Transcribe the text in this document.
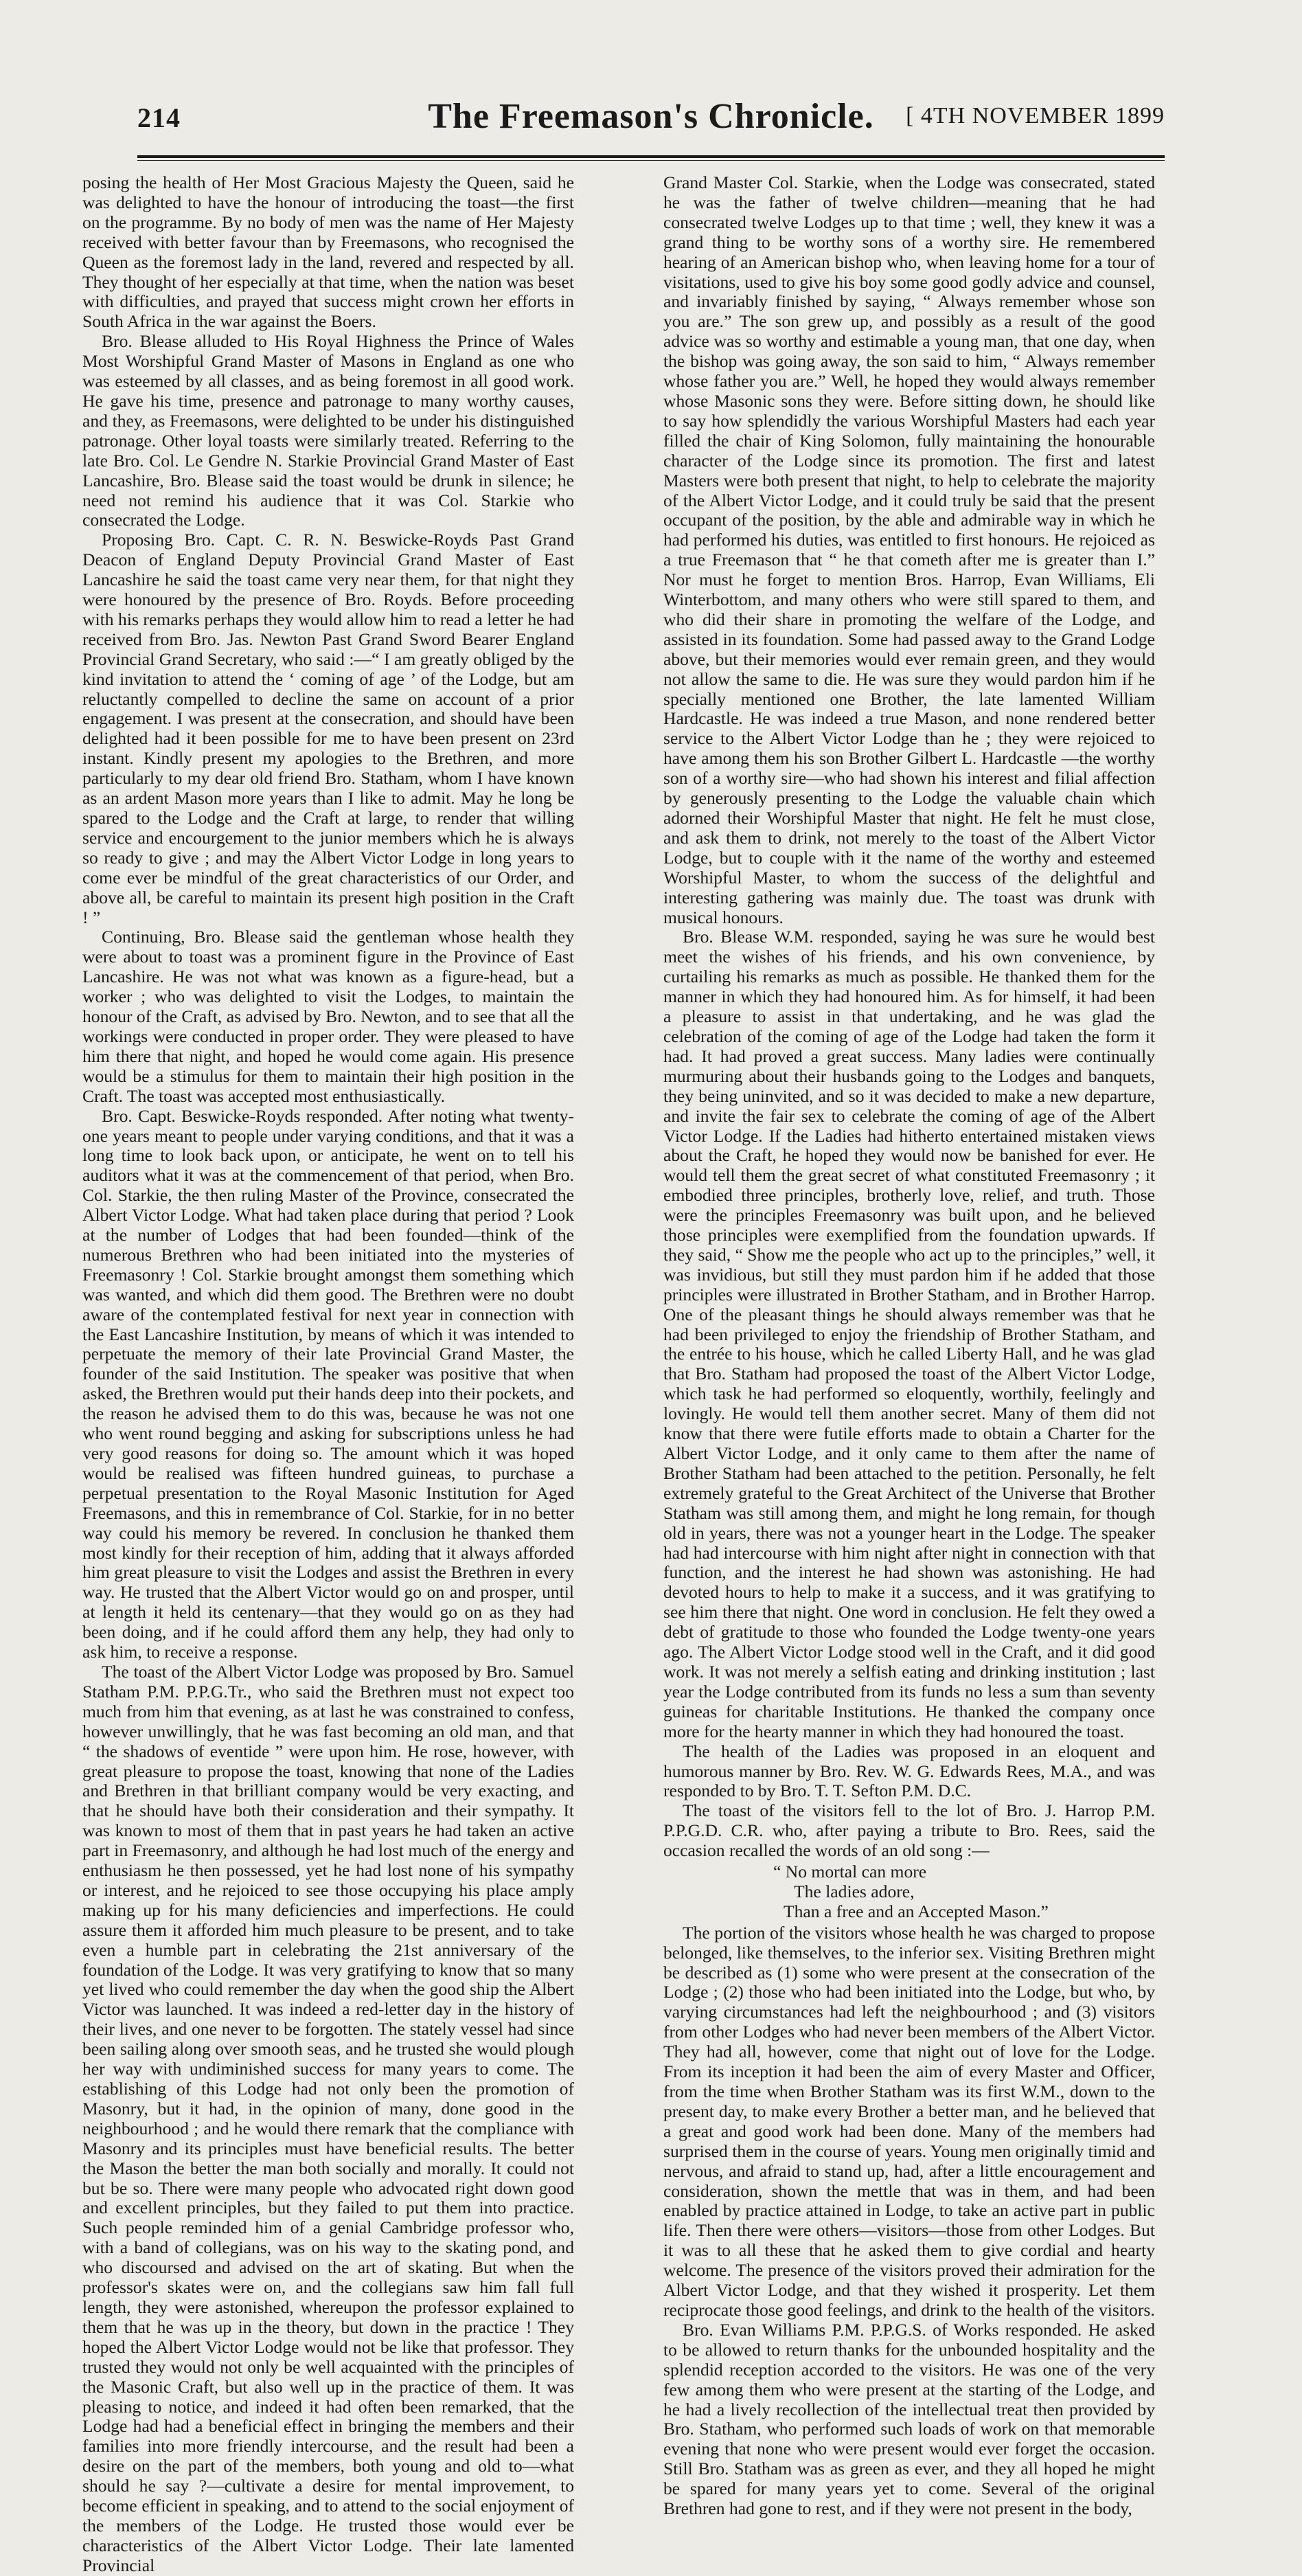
214	The Freemason's Chronicle.	[ 4TH NOVEMBER 1899

posing the health of Her Most Gracious Majesty the Queen, said he was delighted to have the honour of introducing the toast—the first on the programme. By no body of men was the name of Her Majesty received with better favour than by Freemasons, who recognised the Queen as the foremost lady in the land, revered and respected by all. They thought of her especially at that time, when the nation was beset with difficulties, and prayed that success might crown her efforts in South Africa in the war against the Boers.

Bro. Blease alluded to His Royal Highness the Prince of Wales Most Worshipful Grand Master of Masons in England as one who was esteemed by all classes, and as being foremost in all good work. He gave his time, presence and patronage to many worthy causes, and they, as Freemasons, were delighted to be under his distinguished patronage. Other loyal toasts were similarly treated. Referring to the late Bro. Col. Le Gendre N. Starkie Provincial Grand Master of East Lancashire, Bro. Blease said the toast would be drunk in silence; he need not remind his audience that it was Col. Starkie who consecrated the Lodge.

Proposing Bro. Capt. C. R. N. Beswicke-Royds Past Grand Deacon of England Deputy Provincial Grand Master of East Lancashire he said the toast came very near them, for that night they were honoured by the presence of Bro. Royds. Before proceeding with his remarks perhaps they would allow him to read a letter he had received from Bro. Jas. Newton Past Grand Sword Bearer England Provincial Grand Secretary, who said :—“ I am greatly obliged by the kind invitation to attend the ‘ coming of age ’ of the Lodge, but am reluctantly compelled to decline the same on account of a prior engagement. I was present at the consecration, and should have been delighted had it been possible for me to have been present on 23rd instant. Kindly present my apologies to the Brethren, and more particularly to my dear old friend Bro. Statham, whom I have known as an ardent Mason more years than I like to admit. May he long be spared to the Lodge and the Craft at large, to render that willing service and encourgement to the junior members which he is always so ready to give ; and may the Albert Victor Lodge in long years to come ever be mindful of the great characteristics of our Order, and above all, be careful to maintain its present high position in the Craft ! ”

Continuing, Bro. Blease said the gentleman whose health they were about to toast was a prominent figure in the Province of East Lancashire. He was not what was known as a figure-head, but a worker ; who was delighted to visit the Lodges, to maintain the honour of the Craft, as advised by Bro. Newton, and to see that all the workings were conducted in proper order. They were pleased to have him there that night, and hoped he would come again. His presence would be a stimulus for them to maintain their high position in the Craft. The toast was accepted most enthusiastically.

Bro. Capt. Beswicke-Royds responded. After noting what twenty-one years meant to people under varying conditions, and that it was a long time to look back upon, or anticipate, he went on to tell his auditors what it was at the commencement of that period, when Bro. Col. Starkie, the then ruling Master of the Province, consecrated the Albert Victor Lodge. What had taken place during that period ? Look at the number of Lodges that had been founded—think of the numerous Brethren who had been initiated into the mysteries of Freemasonry ! Col. Starkie brought amongst them something which was wanted, and which did them good. The Brethren were no doubt aware of the contemplated festival for next year in connection with the East Lancashire Institution, by means of which it was intended to perpetuate the memory of their late Provincial Grand Master, the founder of the said Institution. The speaker was positive that when asked, the Brethren would put their hands deep into their pockets, and the reason he advised them to do this was, because he was not one who went round begging and asking for subscriptions unless he had very good reasons for doing so. The amount which it was hoped would be realised was fifteen hundred guineas, to purchase a perpetual presentation to the Royal Masonic Institution for Aged Freemasons, and this in remembrance of Col. Starkie, for in no better way could his memory be revered. In conclusion he thanked them most kindly for their reception of him, adding that it always afforded him great pleasure to visit the Lodges and assist the Brethren in every way. He trusted that the Albert Victor would go on and prosper, until at length it held its centenary—that they would go on as they had been doing, and if he could afford them any help, they had only to ask him, to receive a response.

The toast of the Albert Victor Lodge was proposed by Bro. Samuel Statham P.M. P.P.G.Tr., who said the Brethren must not expect too much from him that evening, as at last he was constrained to confess, however unwillingly, that he was fast becoming an old man, and that “ the shadows of eventide ” were upon him. He rose, however, with great pleasure to propose the toast, knowing that none of the Ladies and Brethren in that brilliant company would be very exacting, and that he should have both their consideration and their sympathy. It was known to most of them that in past years he had taken an active part in Freemasonry, and although he had lost much of the energy and enthusiasm he then possessed, yet he had lost none of his sympathy or interest, and he rejoiced to see those occupying his place amply making up for his many deficiencies and imperfections. He could assure them it afforded him much pleasure to be present, and to take even a humble part in celebrating the 21st anniversary of the foundation of the Lodge. It was very gratifying to know that so many yet lived who could remember the day when the good ship the Albert Victor was launched. It was indeed a red-letter day in the history of their lives, and one never to be forgotten. The stately vessel had since been sailing along over smooth seas, and he trusted she would plough her way with undiminished success for many years to come. The establishing of this Lodge had not only been the promotion of Masonry, but it had, in the opinion of many, done good in the neighbourhood ; and he would there remark that the compliance with Masonry and its principles must have beneficial results. The better the Mason the better the man both socially and morally. It could not but be so. There were many people who advocated right down good and excellent principles, but they failed to put them into practice. Such people reminded him of a genial Cambridge professor who, with a band of collegians, was on his way to the skating pond, and who discoursed and advised on the art of skating. But when the professor's skates were on, and the collegians saw him fall full length, they were astonished, whereupon the professor explained to them that he was up in the theory, but down in the practice ! They hoped the Albert Victor Lodge would not be like that professor. They trusted they would not only be well acquainted with the principles of the Masonic Craft, but also well up in the practice of them. It was pleasing to notice, and indeed it had often been remarked, that the Lodge had had a beneficial effect in bringing the members and their families into more friendly intercourse, and the result had been a desire on the part of the members, both young and old to—what should he say ?—cultivate a desire for mental improvement, to become efficient in speaking, and to attend to the social enjoyment of the members of the Lodge. He trusted those would ever be characteristics of the Albert Victor Lodge. Their late lamented Provincial

Grand Master Col. Starkie, when the Lodge was consecrated, stated he was the father of twelve children—meaning that he had consecrated twelve Lodges up to that time ; well, they knew it was a grand thing to be worthy sons of a worthy sire. He remembered hearing of an American bishop who, when leaving home for a tour of visitations, used to give his boy some good godly advice and counsel, and invariably finished by saying, “ Always remember whose son you are.” The son grew up, and possibly as a result of the good advice was so worthy and estimable a young man, that one day, when the bishop was going away, the son said to him, “ Always remember whose father you are.” Well, he hoped they would always remember whose Masonic sons they were. Before sitting down, he should like to say how splendidly the various Worshipful Masters had each year filled the chair of King Solomon, fully maintaining the honourable character of the Lodge since its promotion. The first and latest Masters were both present that night, to help to celebrate the majority of the Albert Victor Lodge, and it could truly be said that the present occupant of the position, by the able and admirable way in which he had performed his duties, was entitled to first honours. He rejoiced as a true Freemason that “ he that cometh after me is greater than I.” Nor must he forget to mention Bros. Harrop, Evan Williams, Eli Winterbottom, and many others who were still spared to them, and who did their share in promoting the welfare of the Lodge, and assisted in its foundation. Some had passed away to the Grand Lodge above, but their memories would ever remain green, and they would not allow the same to die. He was sure they would pardon him if he specially mentioned one Brother, the late lamented William Hardcastle. He was indeed a true Mason, and none rendered better service to the Albert Victor Lodge than he ; they were rejoiced to have among them his son Brother Gilbert L. Hardcastle —the worthy son of a worthy sire—who had shown his interest and filial affection by generously presenting to the Lodge the valuable chain which adorned their Worshipful Master that night. He felt he must close, and ask them to drink, not merely to the toast of the Albert Victor Lodge, but to couple with it the name of the worthy and esteemed Worshipful Master, to whom the success of the delightful and interesting gathering was mainly due. The toast was drunk with musical honours.

Bro. Blease W.M. responded, saying he was sure he would best meet the wishes of his friends, and his own convenience, by curtailing his remarks as much as possible. He thanked them for the manner in which they had honoured him. As for himself, it had been a pleasure to assist in that undertaking, and he was glad the celebration of the coming of age of the Lodge had taken the form it had. It had proved a great success. Many ladies were continually murmuring about their husbands going to the Lodges and banquets, they being uninvited, and so it was decided to make a new departure, and invite the fair sex to celebrate the coming of age of the Albert Victor Lodge. If the Ladies had hitherto entertained mistaken views about the Craft, he hoped they would now be banished for ever. He would tell them the great secret of what constituted Freemasonry ; it embodied three principles, brotherly love, relief, and truth. Those were the principles Freemasonry was built upon, and he believed those principles were exemplified from the foundation upwards. If they said, “ Show me the people who act up to the principles,” well, it was invidious, but still they must pardon him if he added that those principles were illustrated in Brother Statham, and in Brother Harrop. One of the pleasant things he should always remember was that he had been privileged to enjoy the friendship of Brother Statham, and the entrée to his house, which he called Liberty Hall, and he was glad that Bro. Statham had proposed the toast of the Albert Victor Lodge, which task he had performed so eloquently, worthily, feelingly and lovingly. He would tell them another secret. Many of them did not know that there were futile efforts made to obtain a Charter for the Albert Victor Lodge, and it only came to them after the name of Brother Statham had been attached to the petition. Personally, he felt extremely grateful to the Great Architect of the Universe that Brother Statham was still among them, and might he long remain, for though old in years, there was not a younger heart in the Lodge. The speaker had had intercourse with him night after night in connection with that function, and the interest he had shown was astonishing. He had devoted hours to help to make it a success, and it was gratifying to see him there that night. One word in conclusion. He felt they owed a debt of gratitude to those who founded the Lodge twenty-one years ago. The Albert Victor Lodge stood well in the Craft, and it did good work. It was not merely a selfish eating and drinking institution ; last year the Lodge contributed from its funds no less a sum than seventy guineas for charitable Institutions. He thanked the company once more for the hearty manner in which they had honoured the toast.

The health of the Ladies was proposed in an eloquent and humorous manner by Bro. Rev. W. G. Edwards Rees, M.A., and was responded to by Bro. T. T. Sefton P.M. D.C.

The toast of the visitors fell to the lot of Bro. J. Harrop P.M. P.P.G.D. C.R. who, after paying a tribute to Bro. Rees, said the occasion recalled the words of an old song :—

“ No mortal can more
The ladies adore,
Than a free and an Accepted Mason.”

The portion of the visitors whose health he was charged to propose belonged, like themselves, to the inferior sex. Visiting Brethren might be described as (1) some who were present at the consecration of the Lodge ; (2) those who had been initiated into the Lodge, but who, by varying circumstances had left the neighbourhood ; and (3) visitors from other Lodges who had never been members of the Albert Victor. They had all, however, come that night out of love for the Lodge. From its inception it had been the aim of every Master and Officer, from the time when Brother Statham was its first W.M., down to the present day, to make every Brother a better man, and he believed that a great and good work had been done. Many of the members had surprised them in the course of years. Young men originally timid and nervous, and afraid to stand up, had, after a little encouragement and consideration, shown the mettle that was in them, and had been enabled by practice attained in Lodge, to take an active part in public life. Then there were others—visitors—those from other Lodges. But it was to all these that he asked them to give cordial and hearty welcome. The presence of the visitors proved their admiration for the Albert Victor Lodge, and that they wished it prosperity. Let them reciprocate those good feelings, and drink to the health of the visitors.

Bro. Evan Williams P.M. P.P.G.S. of Works responded. He asked to be allowed to return thanks for the unbounded hospitality and the splendid reception accorded to the visitors. He was one of the very few among them who were present at the starting of the Lodge, and he had a lively recollection of the intellectual treat then provided by Bro. Statham, who performed such loads of work on that memorable evening that none who were present would ever forget the occasion. Still Bro. Statham was as green as ever, and they all hoped he might be spared for many years yet to come. Several of the original Brethren had gone to rest, and if they were not present in the body,
